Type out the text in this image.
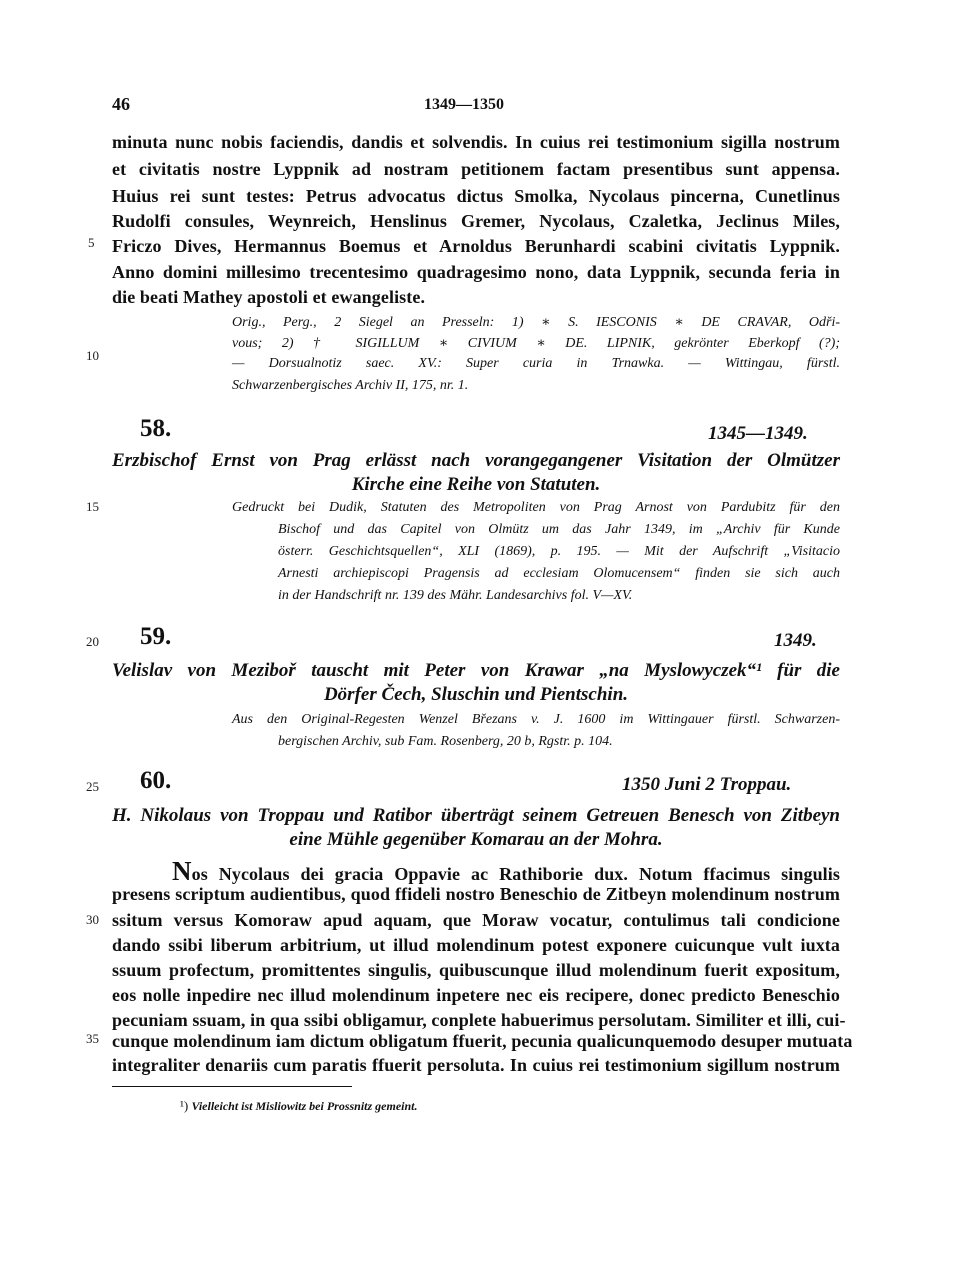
46	1349—1350
5
10
15
20
25
30
35
minuta nunc nobis faciendis, dandis et solvendis. In cuius rei testimonium sigilla nostrum
et civitatis nostre Lyppnik ad nostram petitionem factam presentibus sunt appensa.
Huius rei sunt testes: Petrus advocatus dictus Smolka, Nycolaus pincerna, Cunetlinus
Rudolfi consules, Weynreich, Henslinus Gremer, Nycolaus, Czaletka, Jeclinus Miles,
Friczo Dives, Hermannus Boemus et Arnoldus Berunhardi scabini civitatis Lyppnik.
Anno domini millesimo trecentesimo quadragesimo nono, data Lyppnik, secunda feria in
die beati Mathey apostoli et ewangeliste.
Orig., Perg., 2 Siegel an Presseln: 1) ∗ S. IESCONIS ∗ DE CRAVAR, Odři-
vous; 2) † SIGILLUM ∗ CIVIUM ∗ DE. LIPNIK, gekrönter Eberkopf (?);
— Dorsualnotiz saec. XV.: Super curia in Trnawka. — Wittingau, fürstl.
Schwarzenbergisches Archiv II, 175, nr. 1.
58.	1345—1349.
Erzbischof Ernst von Prag erlässt nach vorangegangener Visitation der Olmützer
Kirche eine Reihe von Statuten.
Gedruckt bei Dudik, Statuten des Metropoliten von Prag Arnost von Pardubitz für den
Bischof und das Capitel von Olmütz um das Jahr 1349, im „Archiv für Kunde
österr. Geschichtsquellen“, XLI (1869), p. 195. — Mit der Aufschrift „Visitacio
Arnesti archiepiscopi Pragensis ad ecclesiam Olomucensem“ finden sie sich auch
in der Handschrift nr. 139 des Mähr. Landesarchivs fol. V—XV.
59.	1349.
Velislav von Meziboř tauscht mit Peter von Krawar „na Myslowyczek“¹ für die
Dörfer Čech, Sluschin und Pientschin.
Aus den Original-Regesten Wenzel Březans v. J. 1600 im Wittingauer fürstl. Schwarzen-
bergischen Archiv, sub Fam. Rosenberg, 20 b, Rgstr. p. 104.
60.	1350 Juni 2 Troppau.
H. Nikolaus von Troppau und Ratibor überträgt seinem Getreuen Benesch von Zitbeyn
eine Mühle gegenüber Komarau an der Mohra.
Nos Nycolaus dei gracia Oppavie ac Rathiborie dux. Notum ffacimus singulis
presens scriptum audientibus, quod ffideli nostro Beneschio de Zitbeyn molendinum nostrum
ssitum versus Komoraw apud aquam, que Moraw vocatur, contulimus tali condicione
dando ssibi liberum arbitrium, ut illud molendinum potest exponere cuicunque vult iuxta
ssuum profectum, promittentes singulis, quibuscunque illud molendinum fuerit expositum,
eos nolle inpedire nec illud molendinum inpetere nec eis recipere, donec predicto Beneschio
pecuniam ssuam, in qua ssibi obligamur, conplete habuerimus persolutam. Similiter et illi, cui-
cunque molendinum iam dictum obligatum ffuerit, pecunia qualicunquemodo desuper mutuata
integraliter denariis cum paratis ffuerit persoluta. In cuius rei testimonium sigillum nostrum
¹) Vielleicht ist Misliowitz bei Prossnitz gemeint.
